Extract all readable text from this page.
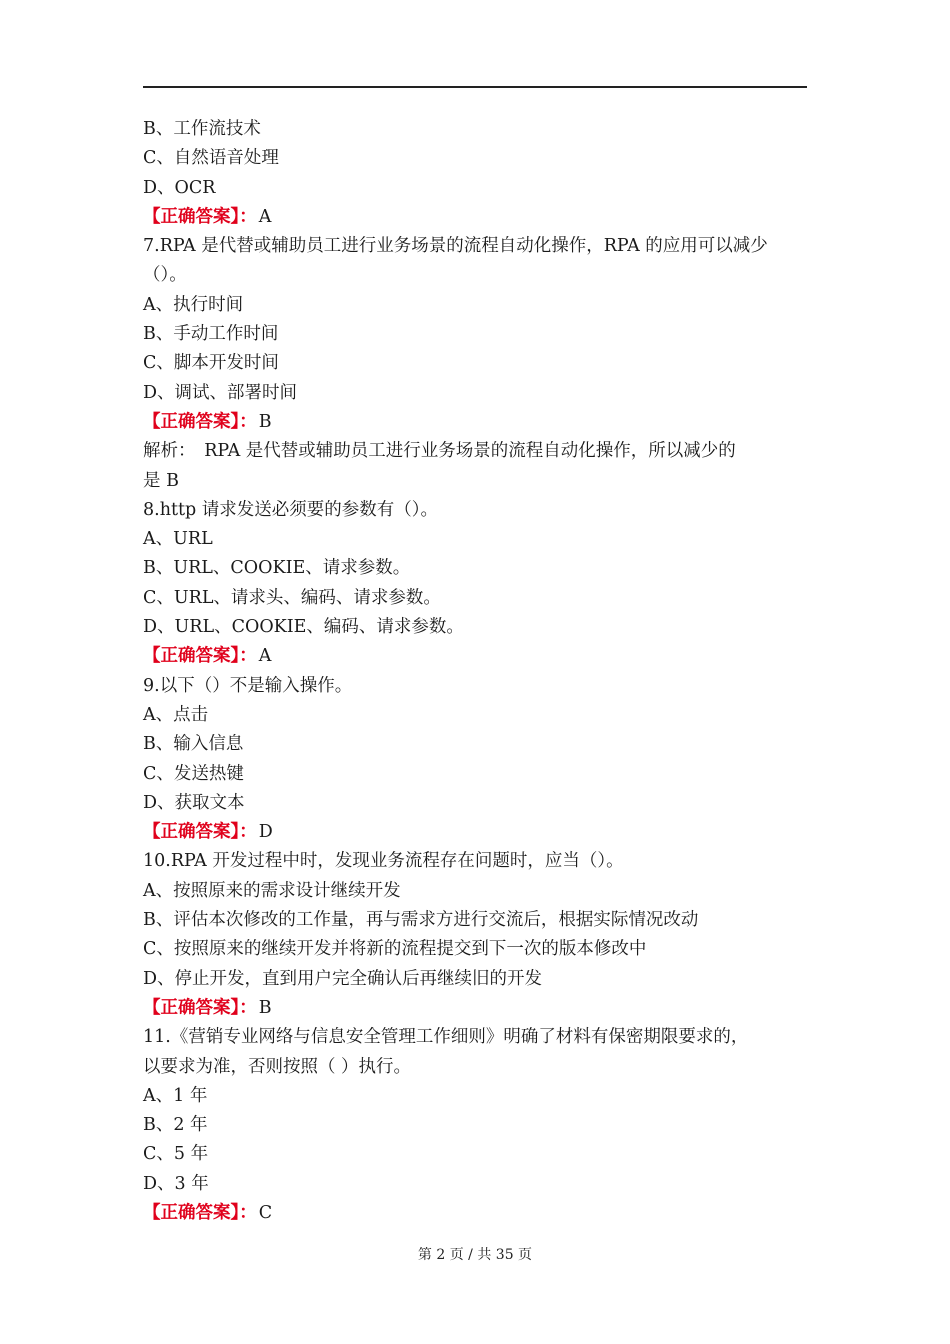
B、工作流技术
C、自然语音处理
D、OCR
【正确答案】： A
7.RPA 是代替或辅助员工进行业务场景的流程自动化操作，RPA 的应用可以减少
（）。
A、执行时间
B、手动工作时间
C、脚本开发时间
D、调试、部署时间
【正确答案】： B
解析：　RPA 是代替或辅助员工进行业务场景的流程自动化操作，所以减少的
是 B
8.http 请求发送必须要的参数有（）。
A、URL
B、URL、COOKIE、请求参数。
C、URL、请求头、编码、请求参数。
D、URL、COOKIE、编码、请求参数。
【正确答案】： A
9.以下（）不是输入操作。
A、点击
B、输入信息
C、发送热键
D、获取文本
【正确答案】： D
10.RPA 开发过程中时，发现业务流程存在问题时，应当（）。
A、按照原来的需求设计继续开发
B、评估本次修改的工作量，再与需求方进行交流后，根据实际情况改动
C、按照原来的继续开发并将新的流程提交到下一次的版本修改中
D、停止开发，直到用户完全确认后再继续旧的开发
【正确答案】： B
11.《营销专业网络与信息安全管理工作细则》明确了材料有保密期限要求的，
以要求为准，否则按照（ ）执行。
A、1 年
B、2 年
C、5 年
D、3 年
【正确答案】： C
第 2 页 / 共 35 页
